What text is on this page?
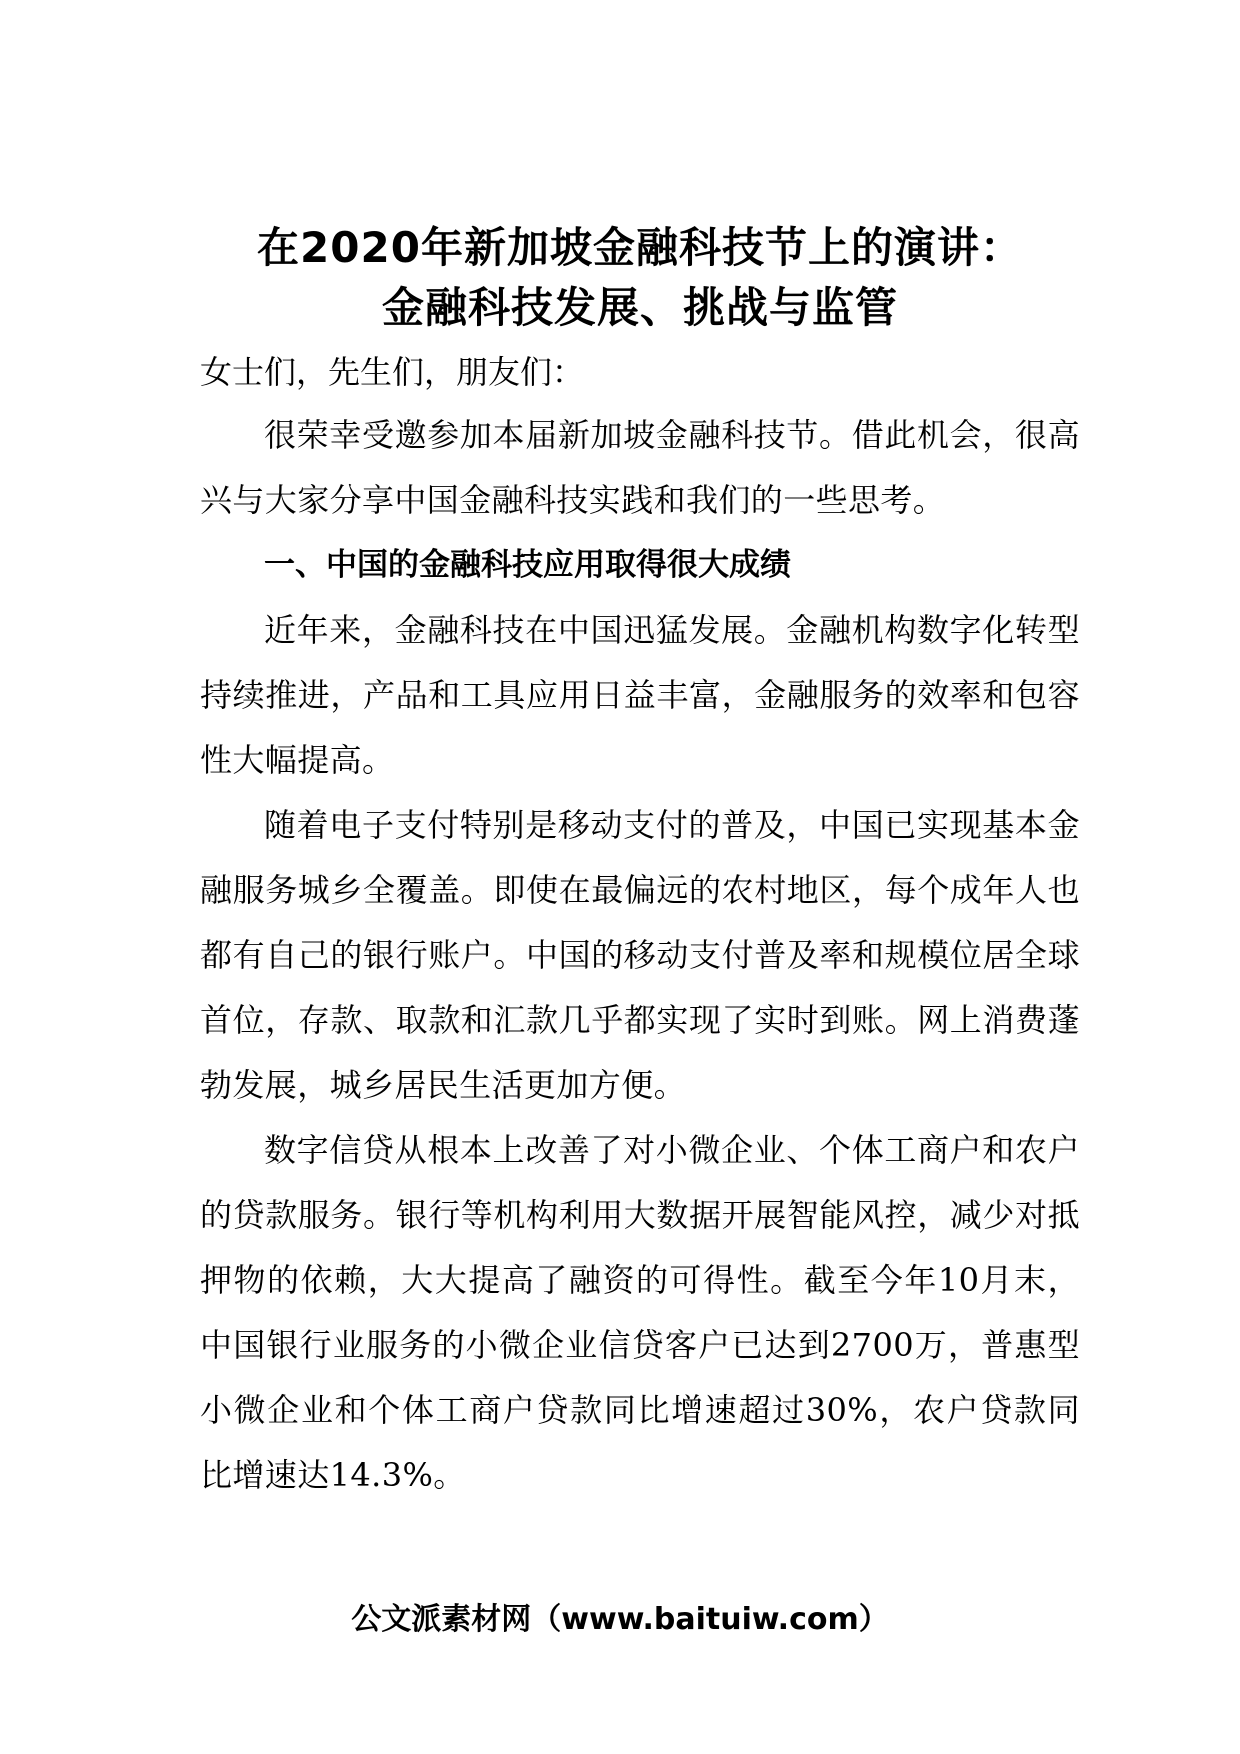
在2020年新加坡金融科技节上的演讲：
金融科技发展、挑战与监管

女士们，先生们，朋友们：

很荣幸受邀参加本届新加坡金融科技节。借此机会，很高兴与大家分享中国金融科技实践和我们的一些思考。

一、中国的金融科技应用取得很大成绩

近年来，金融科技在中国迅猛发展。金融机构数字化转型持续推进，产品和工具应用日益丰富，金融服务的效率和包容性大幅提高。

随着电子支付特别是移动支付的普及，中国已实现基本金融服务城乡全覆盖。即使在最偏远的农村地区，每个成年人也都有自己的银行账户。中国的移动支付普及率和规模位居全球首位，存款、取款和汇款几乎都实现了实时到账。网上消费蓬勃发展，城乡居民生活更加方便。

数字信贷从根本上改善了对小微企业、个体工商户和农户的贷款服务。银行等机构利用大数据开展智能风控，减少对抵押物的依赖，大大提高了融资的可得性。截至今年10月末，中国银行业服务的小微企业信贷客户已达到2700万，普惠型小微企业和个体工商户贷款同比增速超过30%，农户贷款同比增速达14.3%。

公文派素材网（www.baituiw.com）
